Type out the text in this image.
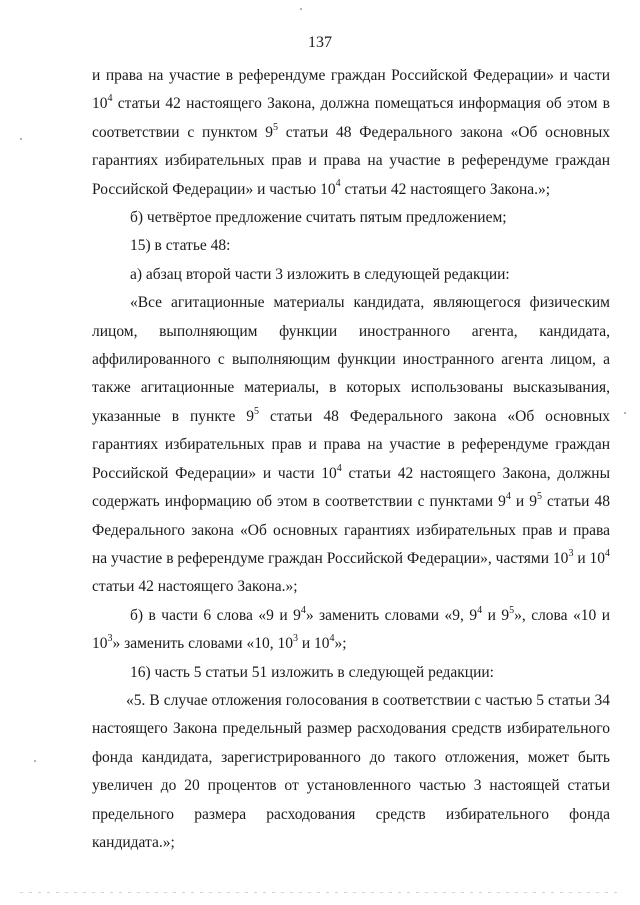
137

и права на участие в референдуме граждан Российской Федерации» и части $10^4$ статьи 42 настоящего Закона, должна помещаться информация об этом в соответствии с пунктом $9^5$ статьи 48 Федерального закона «Об основных гарантиях избирательных прав и права на участие в референдуме граждан Российской Федерации» и частью $10^4$ статьи 42 настоящего Закона.»;

б) четвёртое предложение считать пятым предложением;

15) в статье 48:

а) абзац второй части 3 изложить в следующей редакции:

«Все агитационные материалы кандидата, являющегося физическим лицом, выполняющим функции иностранного агента, кандидата, аффилированного с выполняющим функции иностранного агента лицом, а также агитационные материалы, в которых использованы высказывания, указанные в пункте $9^5$ статьи 48 Федерального закона «Об основных гарантиях избирательных прав и права на участие в референдуме граждан Российской Федерации» и части $10^4$ статьи 42 настоящего Закона, должны содержать информацию об этом в соответствии с пунктами $9^4$ и $9^5$ статьи 48 Федерального закона «Об основных гарантиях избирательных прав и права на участие в референдуме граждан Российской Федерации», частями $10^3$ и $10^4$ статьи 42 настоящего Закона.»;

б) в части 6 слова «9 и $9^4$» заменить словами «9, $9^4$ и $9^5$», слова «10 и $10^3$» заменить словами «10, $10^3$ и $10^4$»;

16) часть 5 статьи 51 изложить в следующей редакции:

«5. В случае отложения голосования в соответствии с частью 5 статьи 34 настоящего Закона предельный размер расходования средств избирательного фонда кандидата, зарегистрированного до такого отложения, может быть увеличен до 20 процентов от установленного частью 3 настоящей статьи предельного размера расходования средств избирательного фонда кандидата.»;
